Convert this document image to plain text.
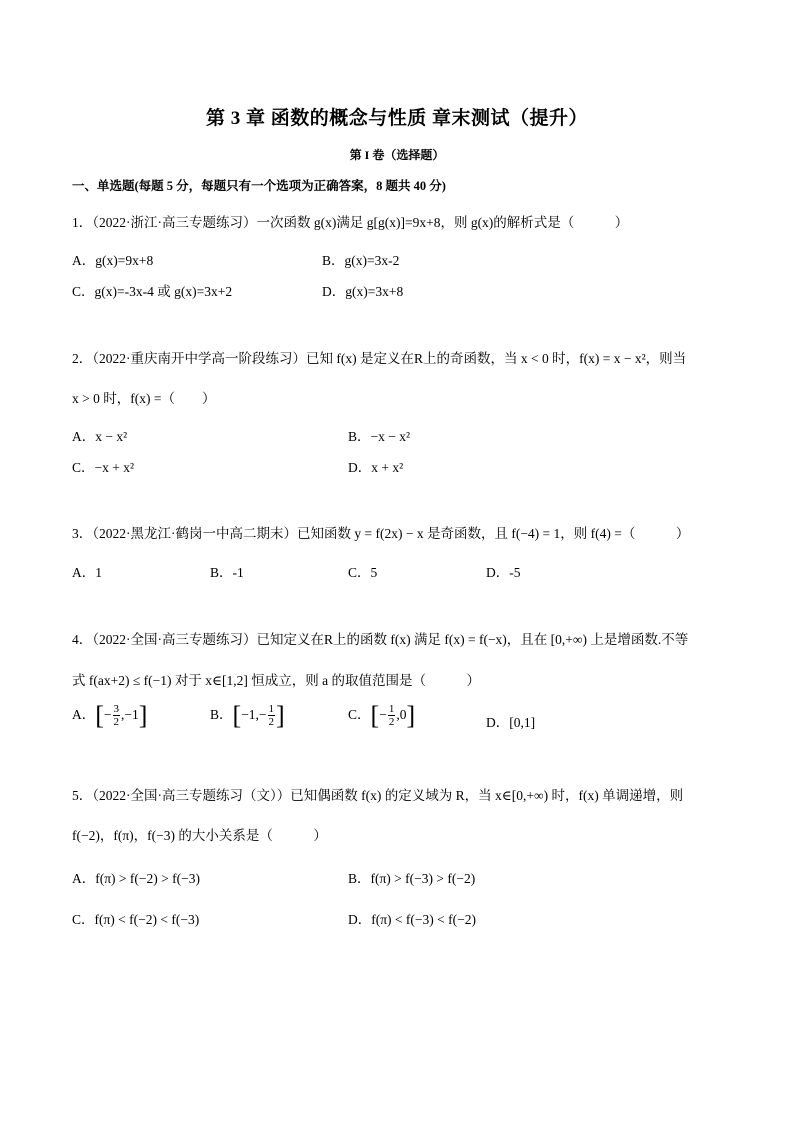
第 3 章 函数的概念与性质 章末测试（提升）
第 I 卷（选择题）
一、单选题(每题 5 分，每题只有一个选项为正确答案，8 题共 40 分)
1．（2022·浙江·高三专题练习）一次函数 g(x)满足 g[g(x)]=9x+8，则 g(x)的解析式是（　　　）
A．g(x)=9x+8	B．g(x)=3x-2
C．g(x)=-3x-4 或 g(x)=3x+2	D．g(x)=3x+8
2．（2022·重庆南开中学高一阶段练习）已知 f(x) 是定义在R上的奇函数，当 x < 0 时，f(x) = x − x²，则当
x > 0 时，f(x) =（　　）
A．x − x²	B．−x − x²
C．−x + x²	D．x + x²
3．（2022·黑龙江·鹤岗一中高二期末）已知函数 y = f(2x) − x 是奇函数，且 f(−4) = 1，则 f(4) =（　　　）
A．1	B．-1	C．5	D．-5
4．（2022·全国·高三专题练习）已知定义在R上的函数 f(x) 满足 f(x) = f(−x)，且在 [0,+∞) 上是增函数.不等
式 f(ax+2) ≤ f(−1) 对于 x∈[1,2] 恒成立，则 a 的取值范围是（　　　）
A．[− $\frac{3}{2} ,-1$]	B．[$-1,- \frac{1}{2}$ ]	C．[− $\frac{1}{2} ,0$]	D．[0,1]
5．（2022·全国·高三专题练习（文））已知偶函数 f(x) 的定义域为 R，当 x∈[0,+∞) 时，f(x) 单调递增，则
f(−2)，f(π)，f(−3) 的大小关系是（　　　）
A．f(π) > f(−2) > f(−3)	B．f(π) > f(−3) > f(−2)
C．f(π) < f(−2) < f(−3)	D．f(π) < f(−3) < f(−2)
